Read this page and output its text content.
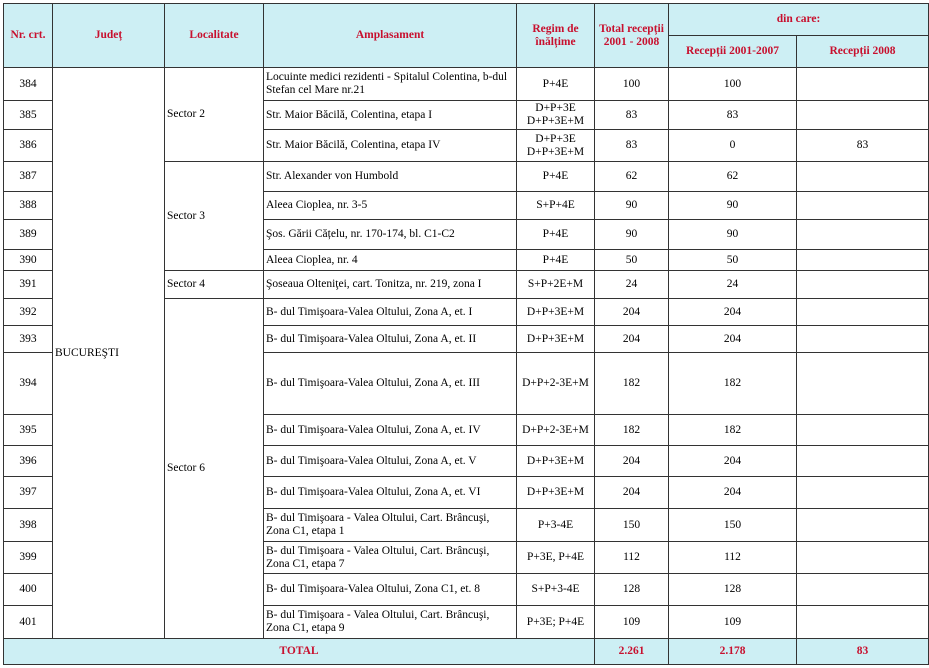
Nr. crt.	Județ	Localitate	Amplasament	Regim de înălțime	Total recepții 2001 - 2008	din care:	
						Recepții 2001-2007	Recepții 2008
384	BUCUREŞTI	Sector 2	Locuinte medici rezidenti - Spitalul Colentina, b-dul Stefan cel Mare nr.21	P+4E	100	100	
385			Str. Maior Băcilă, Colentina, etapa I	D+P+3E D+P+3E+M	83	83	
386			Str. Maior Băcilă, Colentina, etapa IV	D+P+3E D+P+3E+M	83	0	83
387		Sector 3	Str. Alexander von Humbold	P+4E	62	62	
388			Aleea Ciopleа, nr. 3-5	S+P+4E	90	90	
389			Şos. Gării Cățelu, nr. 170-174, bl. C1-C2	P+4E	90	90	
390			Aleea Ciopleа, nr. 4	P+4E	50	50	
391		Sector 4	Şoseaua Olteniţei, cart. Tonitza, nr. 219, zona I	S+P+2E+M	24	24	
392		Sector 6	B- dul Timişoara-Valea Oltului, Zona A, et. I	D+P+3E+M	204	204	
393			B- dul Timişoara-Valea Oltului, Zona A, et. II	D+P+3E+M	204	204	
394			B- dul Timişoara-Valea Oltului, Zona A, et. III	D+P+2-3E+M	182	182	
395			B- dul Timişoara-Valea Oltului, Zona A, et. IV	D+P+2-3E+M	182	182	
396			B- dul Timişoara-Valea Oltului, Zona A, et. V	D+P+3E+M	204	204	
397			B- dul Timişoara-Valea Oltului, Zona A, et. VI	D+P+3E+M	204	204	
398			B- dul Timişoara - Valea Oltului, Cart. Brâncuşi, Zona C1, etapa 1	P+3-4E	150	150	
399			B- dul Timişoara - Valea Oltului, Cart. Brâncuşi, Zona C1, etapa 7	P+3E, P+4E	112	112	
400			B- dul Timişoara-Valea Oltului, Zona C1, et. 8	S+P+3-4E	128	128	
401			B- dul Timişoara - Valea Oltului, Cart. Brâncuşi, Zona C1, etapa 9	P+3E; P+4E	109	109	
TOTAL					2.261	2.178	83
